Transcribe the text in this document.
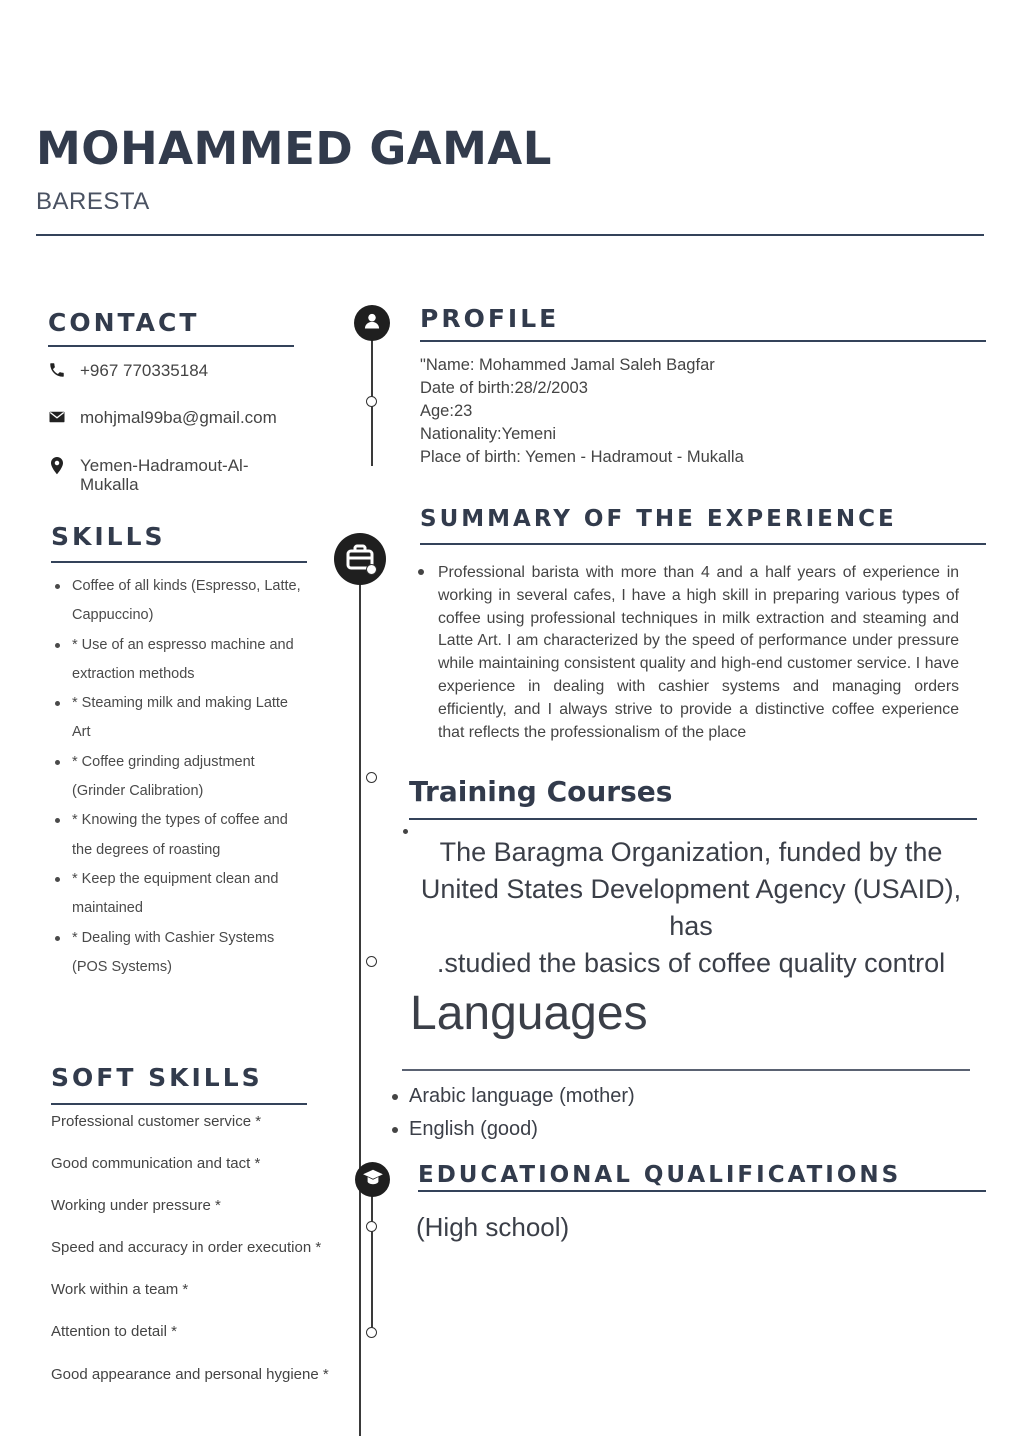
MOHAMMED GAMAL
BARESTA
CONTACT
+967 770335184
mohjmal99ba@gmail.com
Yemen-Hadramout-Al-
Mukalla
SKILLS
Coffee of all kinds (Espresso, Latte, Cappuccino)
* Use of an espresso machine and extraction methods
* Steaming milk and making Latte Art
* Coffee grinding adjustment (Grinder Calibration)
* Knowing the types of coffee and the degrees of roasting
* Keep the equipment clean and maintained
* Dealing with Cashier Systems (POS Systems)
SOFT SKILLS
Professional customer service *
Good communication and tact *
Working under pressure *
Speed and accuracy in order execution *
Work within a team *
Attention to detail *
Good appearance and personal hygiene *
PROFILE
"Name: Mohammed Jamal Saleh Bagfar
Date of birth:28/2/2003
Age:23
Nationality:Yemeni
Place of birth: Yemen - Hadramout - Mukalla
SUMMARY OF THE EXPERIENCE

Professional barista with more than 4 and a half years of experience in working in several cafes, I have a high skill in preparing various types of coffee using professional techniques in milk extraction and steaming and Latte Art. I am characterized by the speed of performance under pressure while maintaining consistent quality and high-end customer service. I have experience in dealing with cashier systems and managing orders efficiently, and I always strive to provide a distinctive coffee experience that reflects the professionalism of the place

Training Courses
The Baragma Organization, funded by the
United States Development Agency (USAID), has
.studied the basics of coffee quality control
Languages
Arabic language (mother)
English (good)
EDUCATIONAL QUALIFICATIONS
(High school)
